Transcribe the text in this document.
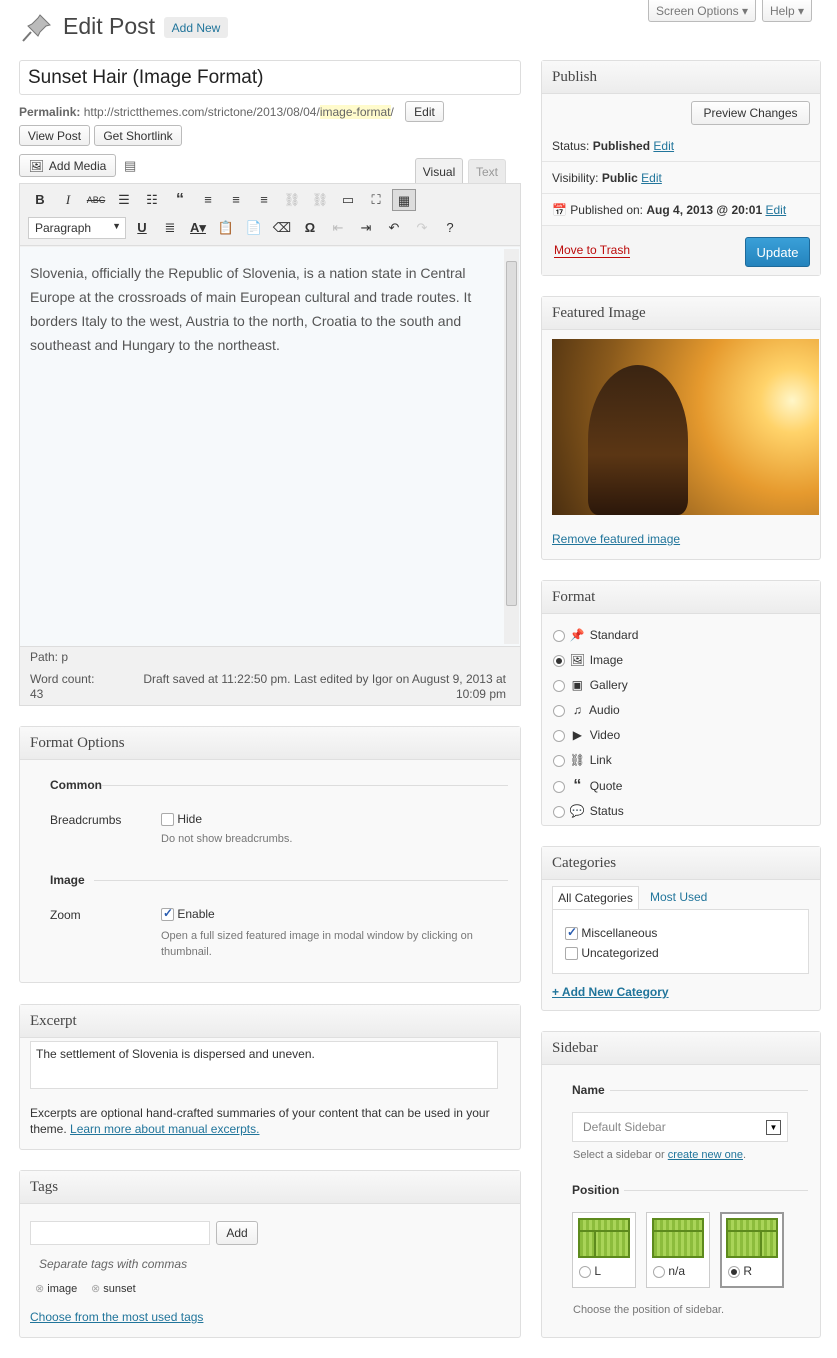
Edit Post	Add New
Screen Options ▾	Help ▾
Sunset Hair (Image Format)
Permalink: http://strictthemes.com/strictone/2013/08/04/image-format/	Edit
View Post	Get Shortlink
🖼 Add Media ▤	Visual	Text
B	I	ABC ☰	☷	“	≡	≡	≡	⛓ ⛓	▭	⛶	▦
Paragraph ▼	U	≣	A▾ 📋 📄 ⌫	Ω	⇤	⇥	↶	↷	?
Slovenia, officially the Republic of Slovenia, is a nation state in Central Europe at the crossroads of main European cultural and trade routes. It borders Italy to the west, Austria to the north, Croatia to the south and southeast and Hungary to the northeast.
Path: p
Word count: 43
Draft saved at 11:22:50 pm. Last edited by Igor on August 9, 2013 at 10:09 pm
Format Options
Common
Breadcrumbs	Hide
Do not show breadcrumbs.
Image
Zoom
✓	Enable
Open a full sized featured image in modal window by clicking on thumbnail.
Excerpt
The settlement of Slovenia is dispersed and uneven.
Excerpts are optional hand-crafted summaries of your content that can be used in your theme. Learn more about manual excerpts.
Tags
Add
Separate tags with commas
⊗ image ⊗ sunset
Choose from the most used tags
Publish
Preview Changes
Status: Published Edit
Visibility: Public Edit
📅 Published on: Aug 4, 2013 @ 20:01 Edit
Move to Trash	Update
Featured Image
Remove featured image
Format
📌 Standard
🖼 Image
▣ Gallery
♫ Audio
▶ Video
⛓ Link
“ Quote
💬 Status
Categories
All Categories	Most Used
✓ Miscellaneous
Uncategorized
+ Add New Category
Sidebar
Name
Default Sidebar	▼
Select a sidebar or create new one.
Position
L	n/a	R
Choose the position of sidebar.
